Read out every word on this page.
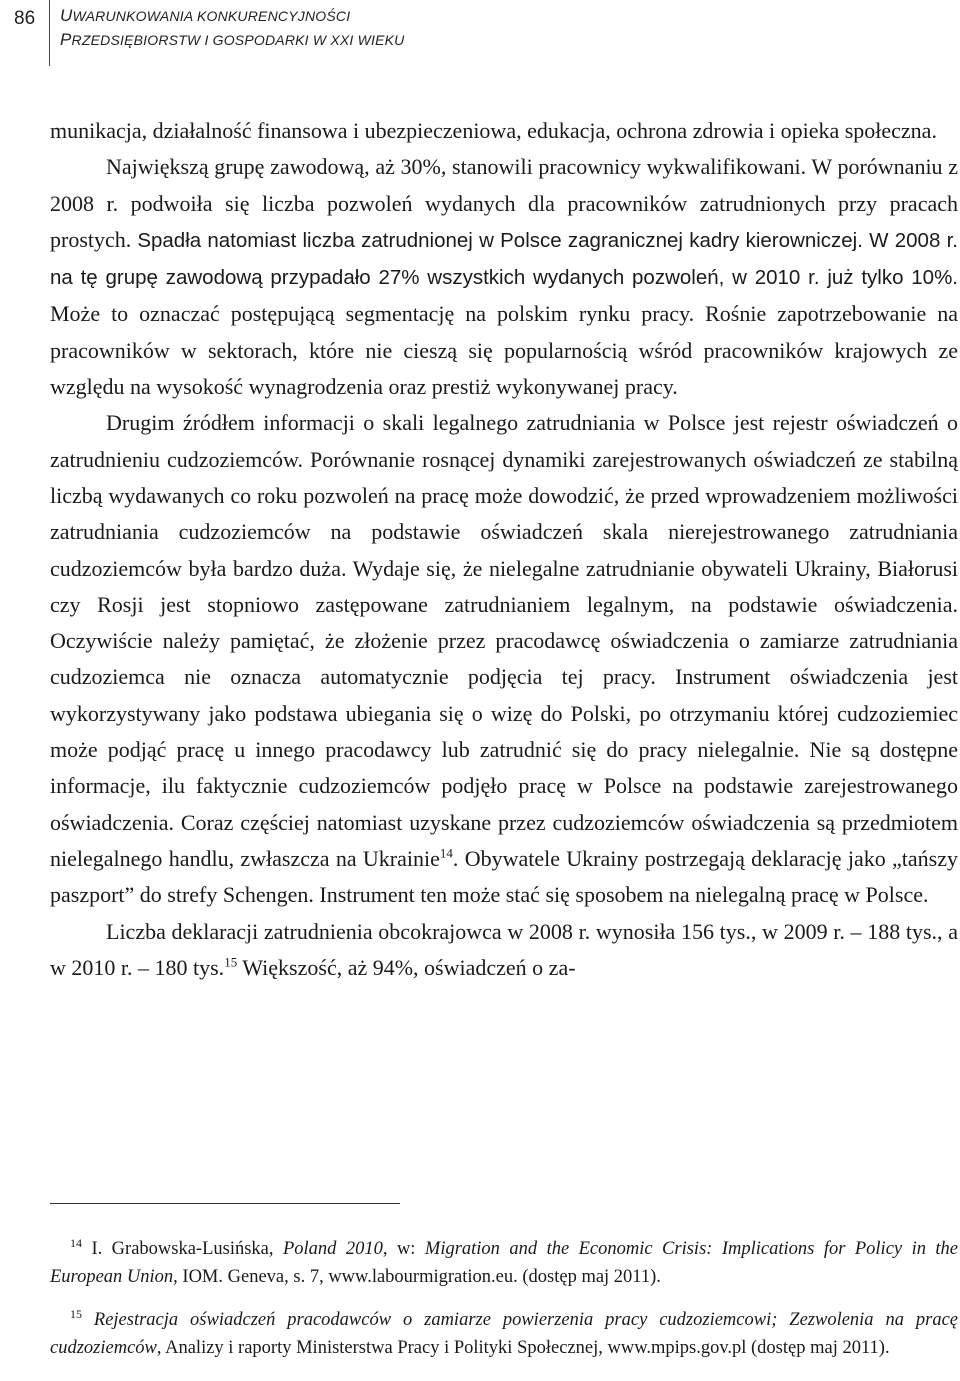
86 UWARUNKOWANIA KONKURENCYJNOŚCI
PRZEDSIĘBIORSTW I GOSPODARKI W XXI WIEKU

munikacja, działalność finansowa i ubezpieczeniowa, edukacja, ochrona zdrowia i opieka społeczna.

Największą grupę zawodową, aż 30%, stanowili pracownicy wykwalifikowani. W porównaniu z 2008 r. podwoiła się liczba pozwoleń wydanych dla pracowników zatrudnionych przy pracach prostych. Spadła natomiast liczba zatrudnionej w Polsce zagranicznej kadry kierowniczej. W 2008 r. na tę grupę zawodową przypadało 27% wszystkich wydanych pozwoleń, w 2010 r. już tylko 10%. Może to oznaczać postępującą segmentację na polskim rynku pracy. Rośnie zapotrzebowanie na pracowników w sektorach, które nie cieszą się popularnością wśród pracowników krajowych ze względu na wysokość wynagrodzenia oraz prestiż wykonywanej pracy.

Drugim źródłem informacji o skali legalnego zatrudniania w Polsce jest rejestr oświadczeń o zatrudnieniu cudzoziemców. Porównanie rosnącej dynamiki zarejestrowanych oświadczeń ze stabilną liczbą wydawanych co roku pozwoleń na pracę może dowodzić, że przed wprowadzeniem możliwości zatrudniania cudzoziemców na podstawie oświadczeń skala nierejestrowanego zatrudniania cudzoziemców była bardzo duża. Wydaje się, że nielegalne zatrudnianie obywateli Ukrainy, Białorusi czy Rosji jest stopniowo zastępowane zatrudnianiem legalnym, na podstawie oświadczenia. Oczywiście należy pamiętać, że złożenie przez pracodawcę oświadczenia o zamiarze zatrudniania cudzoziemca nie oznacza automatycznie podjęcia tej pracy. Instrument oświadczenia jest wykorzystywany jako podstawa ubiegania się o wizę do Polski, po otrzymaniu której cudzoziemiec może podjąć pracę u innego pracodawcy lub zatrudnić się do pracy nielegalnie. Nie są dostępne informacje, ilu faktycznie cudzoziemców podjęło pracę w Polsce na podstawie zarejestrowanego oświadczenia. Coraz częściej natomiast uzyskane przez cudzoziemców oświadczenia są przedmiotem nielegalnego handlu, zwłaszcza na Ukrainie$^{14}$. Obywatele Ukrainy postrzegają deklarację jako „tańszy paszport” do strefy Schengen. Instrument ten może stać się sposobem na nielegalną pracę w Polsce.

Liczba deklaracji zatrudnienia obcokrajowca w 2008 r. wynosiła 156 tys., w 2009 r. – 188 tys., a w 2010 r. – 180 tys.$^{15}$ Większość, aż 94%, oświadczeń o za-

$^{14}$ I. Grabowska-Lusińska, Poland 2010, w: Migration and the Economic Crisis: Implications for Policy in the European Union, IOM. Geneva, s. 7, www.labourmigration.eu. (dostęp maj 2011).

$^{15}$ Rejestracja oświadczeń pracodawców o zamiarze powierzenia pracy cudzoziemcowi; Zezwolenia na pracę cudzoziemców, Analizy i raporty Ministerstwa Pracy i Polityki Społecznej, www.mpips.gov.pl (dostęp maj 2011).
